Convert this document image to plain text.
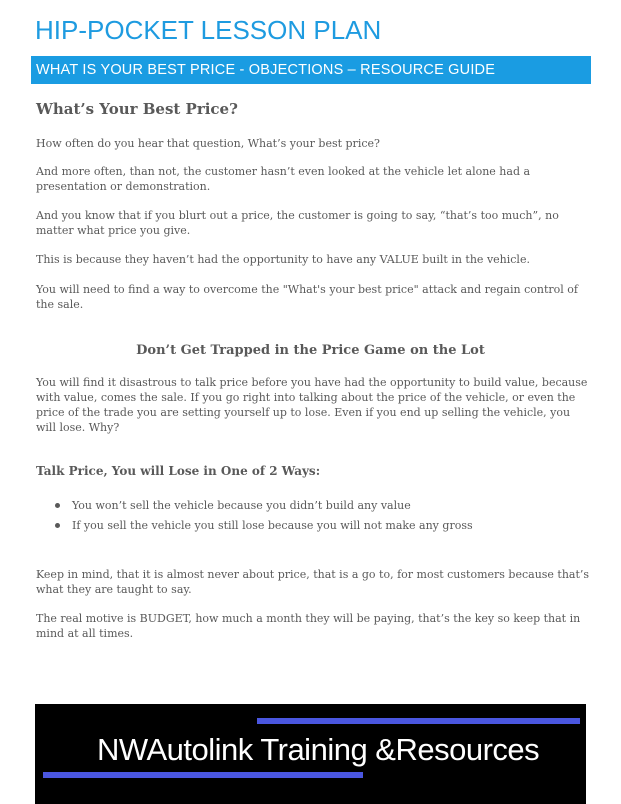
HIP-POCKET LESSON PLAN
WHAT IS YOUR BEST PRICE - OBJECTIONS – RESOURCE GUIDE
What’s Your Best Price?
How often do you hear that question, What’s your best price?
And more often, than not, the customer hasn’t even looked at the vehicle let alone had a presentation or demonstration.
And you know that if you blurt out a price, the customer is going to say, “that’s too much”, no matter what price you give.
This is because they haven’t had the opportunity to have any VALUE built in the vehicle.
You will need to find a way to overcome the "What's your best price" attack and regain control of the sale.
Don’t Get Trapped in the Price Game on the Lot
You will find it disastrous to talk price before you have had the opportunity to build value, because with value, comes the sale. If you go right into talking about the price of the vehicle, or even the price of the trade you are setting yourself up to lose. Even if you end up selling the vehicle, you will lose. Why?
Talk Price, You will Lose in One of 2 Ways:
You won’t sell the vehicle because you didn’t build any value
If you sell the vehicle you still lose because you will not make any gross
Keep in mind, that it is almost never about price, that is a go to, for most customers because that’s what they are taught to say.
The real motive is BUDGET, how much a month they will be paying, that’s the key so keep that in mind at all times.
NWAutolink Training &Resources
